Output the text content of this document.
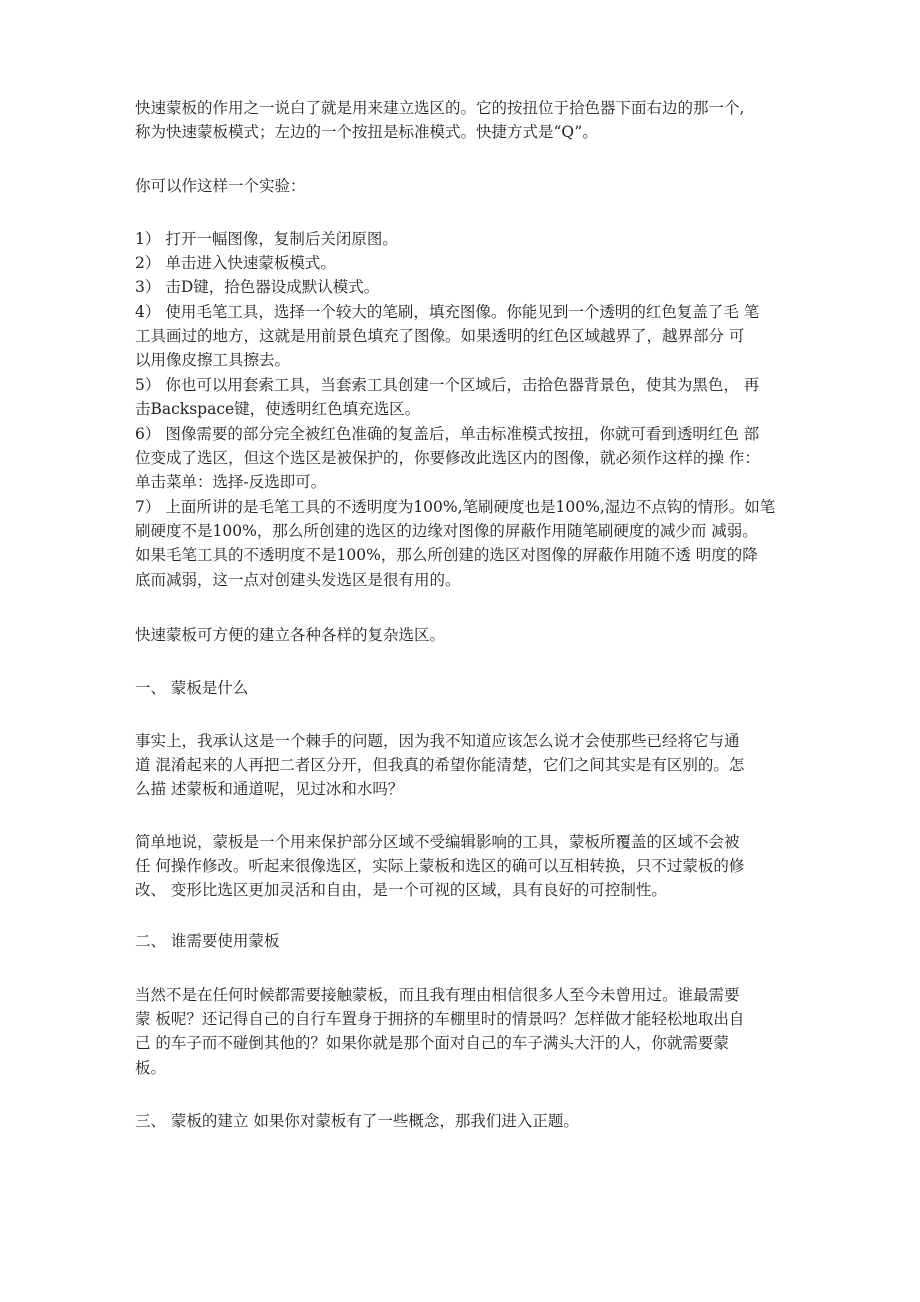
快速蒙板的作用之一说白了就是用来建立选区的。它的按扭位于拾色器下面右边的那一个,
称为快速蒙板模式；左边的一个按扭是标准模式。快捷方式是“Q”。
你可以作这样一个实验：
1） 打开一幅图像，复制后关闭原图。
2） 单击进入快速蒙板模式。
3） 击D键，拾色器设成默认模式。
4） 使用毛笔工具，选择一个较大的笔刷，填充图像。你能见到一个透明的红色复盖了毛 笔
工具画过的地方，这就是用前景色填充了图像。如果透明的红色区域越界了，越界部分 可
以用像皮擦工具擦去。
5） 你也可以用套索工具，当套索工具创建一个区域后，击拾色器背景色，使其为黑色， 再
击Backspace键，使透明红色填充选区。
6） 图像需要的部分完全被红色准确的复盖后，单击标准模式按扭，你就可看到透明红色 部
位变成了选区，但这个选区是被保护的，你要修改此选区内的图像，就必须作这样的操 作：
单击菜单：选择-反选即可。
7） 上面所讲的是毛笔工具的不透明度为100%,笔刷硬度也是100%,湿边不点钩的情形。如笔
刷硬度不是100%，那么所创建的选区的边缘对图像的屏蔽作用随笔刷硬度的减少而 减弱。
如果毛笔工具的不透明度不是100%，那么所创建的选区对图像的屏蔽作用随不透 明度的降
底而减弱，这一点对创建头发选区是很有用的。
快速蒙板可方便的建立各种各样的复杂选区。
一、 蒙板是什么
事实上，我承认这是一个棘手的问题，因为我不知道应该怎么说才会使那些已经将它与通
道 混淆起来的人再把二者区分开，但我真的希望你能清楚，它们之间其实是有区别的。怎
么描 述蒙板和通道呢，见过冰和水吗？
简单地说，蒙板是一个用来保护部分区域不受编辑影响的工具，蒙板所覆盖的区域不会被
任 何操作修改。听起来很像选区，实际上蒙板和选区的确可以互相转换，只不过蒙板的修
改、 变形比选区更加灵活和自由，是一个可视的区域，具有良好的可控制性。
二、 谁需要使用蒙板
当然不是在任何时候都需要接触蒙板，而且我有理由相信很多人至今未曾用过。谁最需要
蒙 板呢？还记得自己的自行车置身于拥挤的车棚里时的情景吗？怎样做才能轻松地取出自
己 的车子而不碰倒其他的？如果你就是那个面对自己的车子满头大汗的人，你就需要蒙
板。
三、 蒙板的建立 如果你对蒙板有了一些概念，那我们进入正题。
